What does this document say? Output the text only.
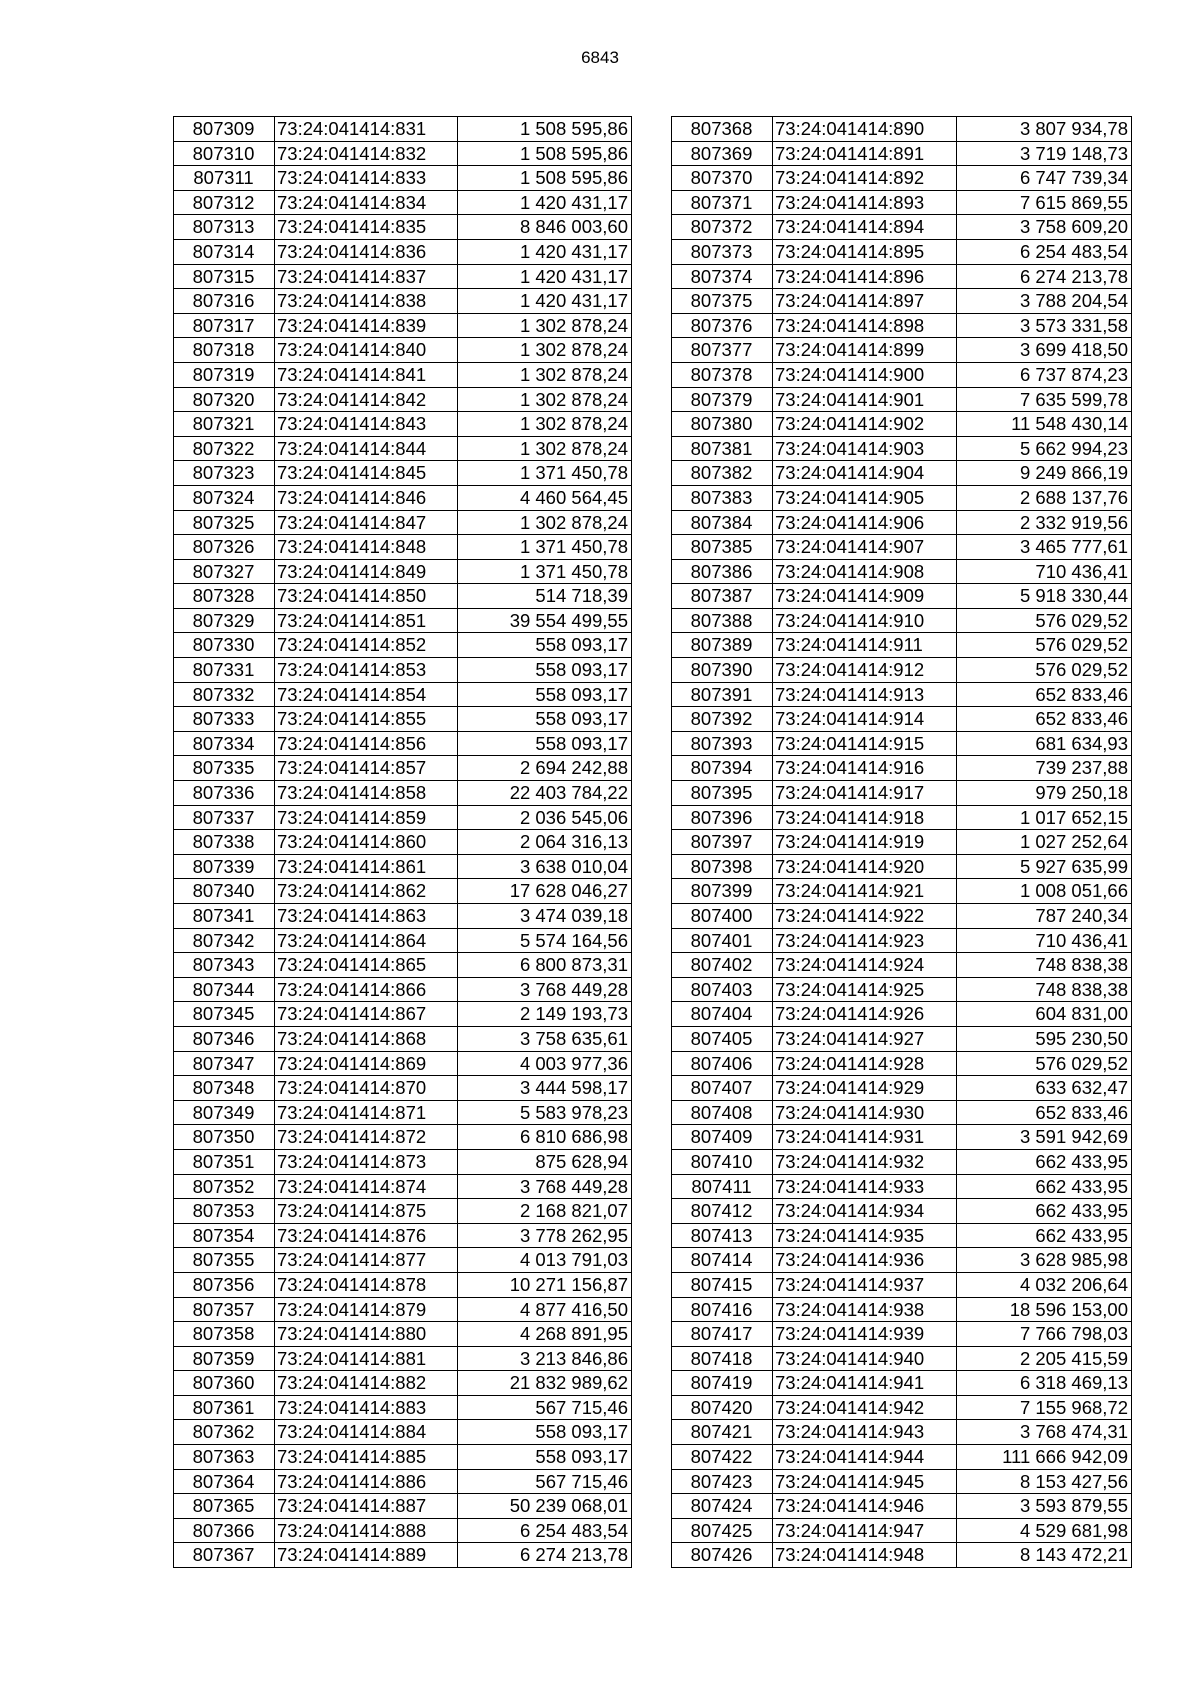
6843
807309	73:24:041414:831	1 508 595,86
807310	73:24:041414:832	1 508 595,86
807311	73:24:041414:833	1 508 595,86
807312	73:24:041414:834	1 420 431,17
807313	73:24:041414:835	8 846 003,60
807314	73:24:041414:836	1 420 431,17
807315	73:24:041414:837	1 420 431,17
807316	73:24:041414:838	1 420 431,17
807317	73:24:041414:839	1 302 878,24
807318	73:24:041414:840	1 302 878,24
807319	73:24:041414:841	1 302 878,24
807320	73:24:041414:842	1 302 878,24
807321	73:24:041414:843	1 302 878,24
807322	73:24:041414:844	1 302 878,24
807323	73:24:041414:845	1 371 450,78
807324	73:24:041414:846	4 460 564,45
807325	73:24:041414:847	1 302 878,24
807326	73:24:041414:848	1 371 450,78
807327	73:24:041414:849	1 371 450,78
807328	73:24:041414:850	514 718,39
807329	73:24:041414:851	39 554 499,55
807330	73:24:041414:852	558 093,17
807331	73:24:041414:853	558 093,17
807332	73:24:041414:854	558 093,17
807333	73:24:041414:855	558 093,17
807334	73:24:041414:856	558 093,17
807335	73:24:041414:857	2 694 242,88
807336	73:24:041414:858	22 403 784,22
807337	73:24:041414:859	2 036 545,06
807338	73:24:041414:860	2 064 316,13
807339	73:24:041414:861	3 638 010,04
807340	73:24:041414:862	17 628 046,27
807341	73:24:041414:863	3 474 039,18
807342	73:24:041414:864	5 574 164,56
807343	73:24:041414:865	6 800 873,31
807344	73:24:041414:866	3 768 449,28
807345	73:24:041414:867	2 149 193,73
807346	73:24:041414:868	3 758 635,61
807347	73:24:041414:869	4 003 977,36
807348	73:24:041414:870	3 444 598,17
807349	73:24:041414:871	5 583 978,23
807350	73:24:041414:872	6 810 686,98
807351	73:24:041414:873	875 628,94
807352	73:24:041414:874	3 768 449,28
807353	73:24:041414:875	2 168 821,07
807354	73:24:041414:876	3 778 262,95
807355	73:24:041414:877	4 013 791,03
807356	73:24:041414:878	10 271 156,87
807357	73:24:041414:879	4 877 416,50
807358	73:24:041414:880	4 268 891,95
807359	73:24:041414:881	3 213 846,86
807360	73:24:041414:882	21 832 989,62
807361	73:24:041414:883	567 715,46
807362	73:24:041414:884	558 093,17
807363	73:24:041414:885	558 093,17
807364	73:24:041414:886	567 715,46
807365	73:24:041414:887	50 239 068,01
807366	73:24:041414:888	6 254 483,54
807367	73:24:041414:889	6 274 213,78
807368	73:24:041414:890	3 807 934,78
807369	73:24:041414:891	3 719 148,73
807370	73:24:041414:892	6 747 739,34
807371	73:24:041414:893	7 615 869,55
807372	73:24:041414:894	3 758 609,20
807373	73:24:041414:895	6 254 483,54
807374	73:24:041414:896	6 274 213,78
807375	73:24:041414:897	3 788 204,54
807376	73:24:041414:898	3 573 331,58
807377	73:24:041414:899	3 699 418,50
807378	73:24:041414:900	6 737 874,23
807379	73:24:041414:901	7 635 599,78
807380	73:24:041414:902	11 548 430,14
807381	73:24:041414:903	5 662 994,23
807382	73:24:041414:904	9 249 866,19
807383	73:24:041414:905	2 688 137,76
807384	73:24:041414:906	2 332 919,56
807385	73:24:041414:907	3 465 777,61
807386	73:24:041414:908	710 436,41
807387	73:24:041414:909	5 918 330,44
807388	73:24:041414:910	576 029,52
807389	73:24:041414:911	576 029,52
807390	73:24:041414:912	576 029,52
807391	73:24:041414:913	652 833,46
807392	73:24:041414:914	652 833,46
807393	73:24:041414:915	681 634,93
807394	73:24:041414:916	739 237,88
807395	73:24:041414:917	979 250,18
807396	73:24:041414:918	1 017 652,15
807397	73:24:041414:919	1 027 252,64
807398	73:24:041414:920	5 927 635,99
807399	73:24:041414:921	1 008 051,66
807400	73:24:041414:922	787 240,34
807401	73:24:041414:923	710 436,41
807402	73:24:041414:924	748 838,38
807403	73:24:041414:925	748 838,38
807404	73:24:041414:926	604 831,00
807405	73:24:041414:927	595 230,50
807406	73:24:041414:928	576 029,52
807407	73:24:041414:929	633 632,47
807408	73:24:041414:930	652 833,46
807409	73:24:041414:931	3 591 942,69
807410	73:24:041414:932	662 433,95
807411	73:24:041414:933	662 433,95
807412	73:24:041414:934	662 433,95
807413	73:24:041414:935	662 433,95
807414	73:24:041414:936	3 628 985,98
807415	73:24:041414:937	4 032 206,64
807416	73:24:041414:938	18 596 153,00
807417	73:24:041414:939	7 766 798,03
807418	73:24:041414:940	2 205 415,59
807419	73:24:041414:941	6 318 469,13
807420	73:24:041414:942	7 155 968,72
807421	73:24:041414:943	3 768 474,31
807422	73:24:041414:944	111 666 942,09
807423	73:24:041414:945	8 153 427,56
807424	73:24:041414:946	3 593 879,55
807425	73:24:041414:947	4 529 681,98
807426	73:24:041414:948	8 143 472,21
